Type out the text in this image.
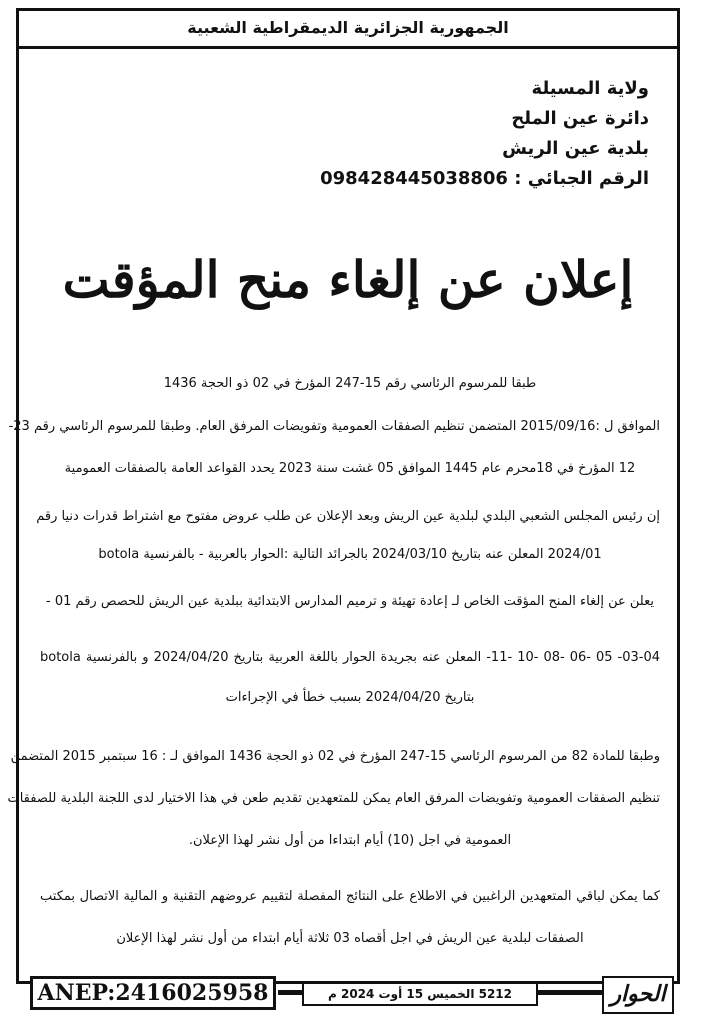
الجمهورية الجزائرية الديمقراطية الشعبية
ولاية المسيلة
دائرة عين الملح
بلدية عين الريش
الرقم الجبائي : 098428445038806
إعلان عن إلغاء منح المؤقت
طبقا للمرسوم الرئاسي رقم 15-247 المؤرخ في 02 ذو الحجة 1436
الموافق ل :2015/09/16 المتضمن تنظيم الصفقات العمومية وتفويضات المرفق العام. وطبقا للمرسوم الرئاسي رقم 23-
12 المؤرخ في 18محرم عام 1445 الموافق 05 غشت سنة 2023 يحدد القواعد العامة بالصفقات العمومية
إن رئيس المجلس الشعبي البلدي لبلدية عين الريش وبعد الإعلان عن طلب عروض مفتوح مع اشتراط قدرات دنيا رقم
2024/01 المعلن عنه بتاريخ 2024/03/10 بالجرائد التالية :الحوار بالعربية - بالفرنسية botola
يعلن عن إلغاء المنح المؤقت الخاص لـ إعادة تهيئة و ترميم المدارس الابتدائية ببلدية عين الريش للحصص رقم 01 -
03-04- 05 -06 -08 -10 -11- المعلن عنه بجريدة الحوار باللغة العربية بتاريخ 2024/04/20 و بالفرنسية botola
بتاريخ 2024/04/20 بسبب خطأ في الإجراءات
وطبقا للمادة 82 من المرسوم الرئاسي 15-247 المؤرخ في 02 ذو الحجة 1436 الموافق لـ : 16 سبتمبر 2015 المتضمن
تنظيم الصفقات العمومية وتفويضات المرفق العام يمكن للمتعهدين تقديم طعن في هذا الاختيار لدى اللجنة البلدية للصفقات
العمومية في اجل (10) أيام ابتداءا من أول نشر لهذا الإعلان.
كما يمكن لباقي المتعهدين الراغبين في الاطلاع على النتائج المفصلة لتقييم عروضهم التقنية و المالية الاتصال بمكتب
الصفقات لبلدية عين الريش في اجل أقصاه 03 ثلاثة أيام ابتداء من أول نشر لهذا الإعلان
ANEP:2416025958	5212 الخميس 15 أوت 2024 م	الحوار
